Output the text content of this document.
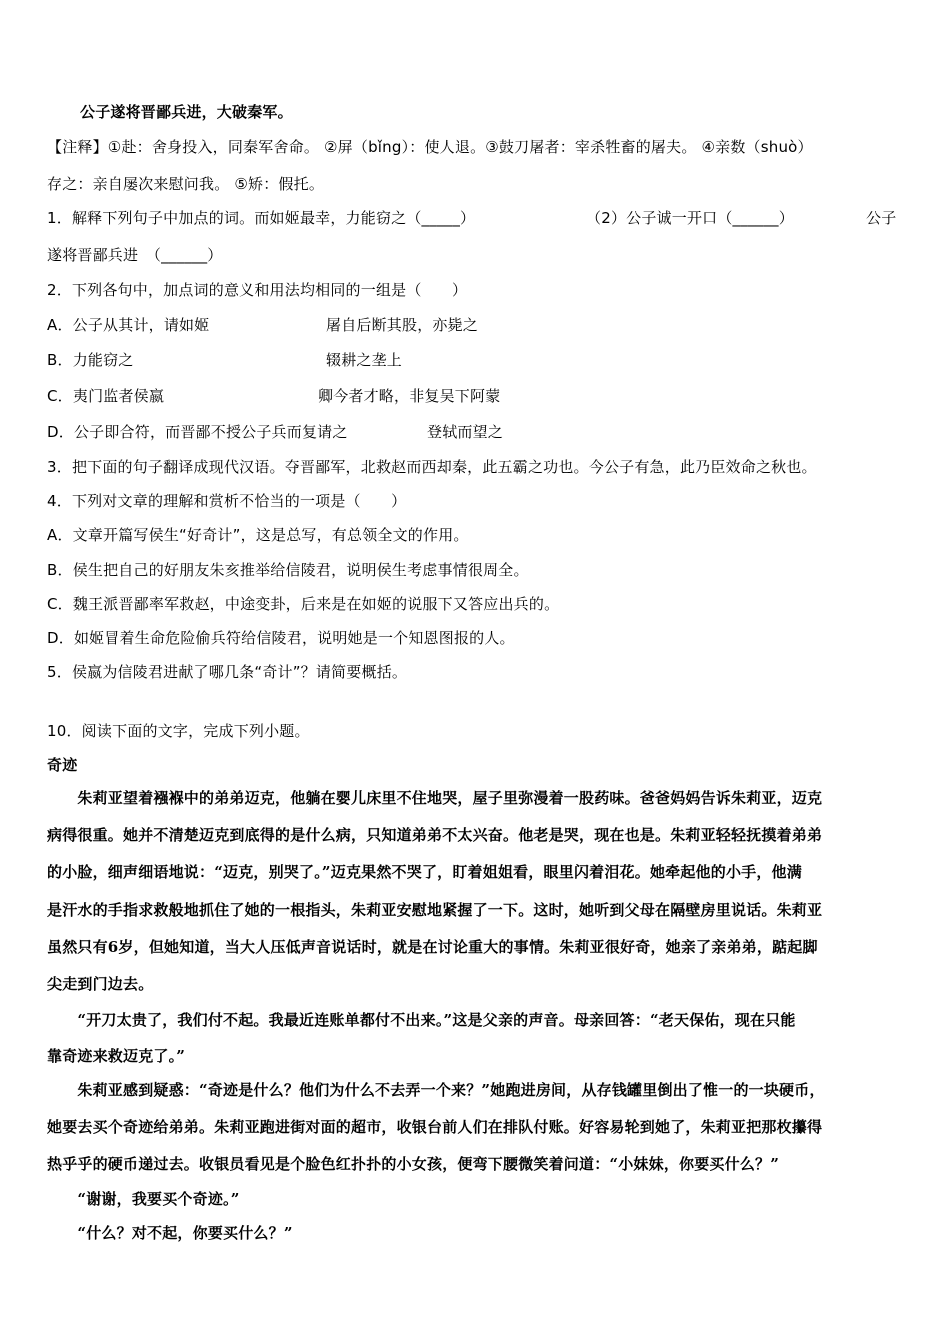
公子遂将晋鄙兵进，大破秦军。
【注释】①赴：舍身投入，同秦军舍命。 ②屏（bǐng）：使人退。③鼓刀屠者：宰杀牲畜的屠夫。 ④亲数（shuò）
存之：亲自屡次来慰问我。 ⑤矫：假托。
1．解释下列句子中加点的词。而如姬最幸，力能窃之（_____）	（2）公子诚一开口（______）	公子
遂将晋鄙兵进　（______）
2．下列各句中，加点词的意义和用法均相同的一组是（　　）
A．公子从其计，请如姬	屠自后断其股，亦毙之
B．力能窃之	辍耕之垄上
C．夷门监者侯嬴	卿今者才略，非复吴下阿蒙
D．公子即合符，而晋鄙不授公子兵而复请之	登轼而望之
3．把下面的句子翻译成现代汉语。夺晋鄙军，北救赵而西却秦，此五霸之功也。今公子有急，此乃臣效命之秋也。
4．下列对文章的理解和赏析不恰当的一项是（　　）
A．文章开篇写侯生“好奇计”，这是总写，有总领全文的作用。
B．侯生把自己的好朋友朱亥推举给信陵君，说明侯生考虑事情很周全。
C．魏王派晋鄙率军救赵，中途变卦，后来是在如姬的说服下又答应出兵的。
D．如姬冒着生命危险偷兵符给信陵君，说明她是一个知恩图报的人。
5．侯嬴为信陵君进献了哪几条“奇计”？请简要概括。
10．阅读下面的文字，完成下列小题。
奇迹
　　朱莉亚望着襁褓中的弟弟迈克，他躺在婴儿床里不住地哭，屋子里弥漫着一股药味。爸爸妈妈告诉朱莉亚，迈克
病得很重。她并不清楚迈克到底得的是什么病，只知道弟弟不太兴奋。他老是哭，现在也是。朱莉亚轻轻抚摸着弟弟
的小脸，细声细语地说：“迈克，别哭了。”迈克果然不哭了，盯着姐姐看，眼里闪着泪花。她牵起他的小手，他满
是汗水的手指求救般地抓住了她的一根指头，朱莉亚安慰地紧握了一下。这时，她听到父母在隔壁房里说话。朱莉亚
虽然只有6岁，但她知道，当大人压低声音说话时，就是在讨论重大的事情。朱莉亚很好奇，她亲了亲弟弟，踮起脚
尖走到门边去。
　　“开刀太贵了，我们付不起。我最近连账单都付不出来。”这是父亲的声音。母亲回答：“老天保佑，现在只能
靠奇迹来救迈克了。”
　　朱莉亚感到疑惑：“奇迹是什么？他们为什么不去弄一个来？”她跑进房间，从存钱罐里倒出了惟一的一块硬币，
她要去买个奇迹给弟弟。朱莉亚跑进街对面的超市，收银台前人们在排队付账。好容易轮到她了，朱莉亚把那枚攥得
热乎乎的硬币递过去。收银员看见是个脸色红扑扑的小女孩，便弯下腰微笑着问道：“小妹妹，你要买什么？”
　　“谢谢，我要买个奇迹。”
　　“什么？对不起，你要买什么？”
